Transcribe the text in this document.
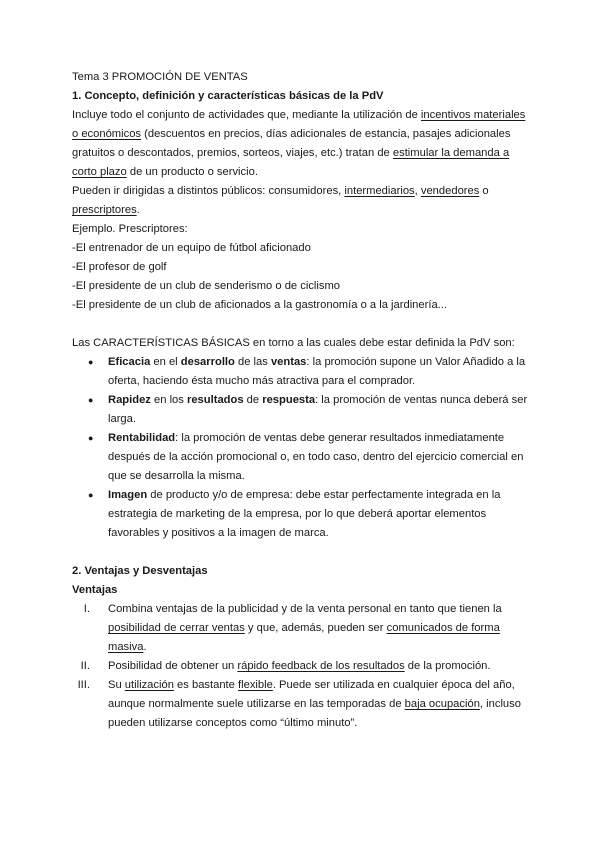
Tema 3 PROMOCIÓN DE VENTAS

1. Concepto, definición y características básicas de la PdV

Incluye todo el conjunto de actividades que, mediante la utilización de incentivos materiales o económicos (descuentos en precios, días adicionales de estancia, pasajes adicionales gratuitos o descontados, premios, sorteos, viajes, etc.) tratan de estimular la demanda a corto plazo de un producto o servicio.

Pueden ir dirigidas a distintos públicos: consumidores, intermediarios, vendedores o prescriptores.

Ejemplo. Prescriptores:

-El entrenador de un equipo de fútbol aficionado

-El profesor de golf

-El presidente de un club de senderismo o de ciclismo

-El presidente de un club de aficionados a la gastronomía o a la jardinería...

Las CARACTERÍSTICAS BÁSICAS en torno a las cuales debe estar definida la PdV son:

● Eficacia en el desarrollo de las ventas: la promoción supone un Valor Añadido a la oferta, haciendo ésta mucho más atractiva para el comprador.
● Rapidez en los resultados de respuesta: la promoción de ventas nunca deberá ser larga.
● Rentabilidad: la promoción de ventas debe generar resultados inmediatamente después de la acción promocional o, en todo caso, dentro del ejercicio comercial en que se desarrolla la misma.
● Imagen de producto y/o de empresa: debe estar perfectamente integrada en la estrategia de marketing de la empresa, por lo que deberá aportar elementos favorables y positivos a la imagen de marca.

2. Ventajas y Desventajas

Ventajas

I. Combina ventajas de la publicidad y de la venta personal en tanto que tienen la posibilidad de cerrar ventas y que, además, pueden ser comunicados de forma masiva.
II. Posibilidad de obtener un rápido feedback de los resultados de la promoción.
III. Su utilización es bastante flexible. Puede ser utilizada en cualquier época del año, aunque normalmente suele utilizarse en las temporadas de baja ocupación, incluso pueden utilizarse conceptos como “último minuto”.
